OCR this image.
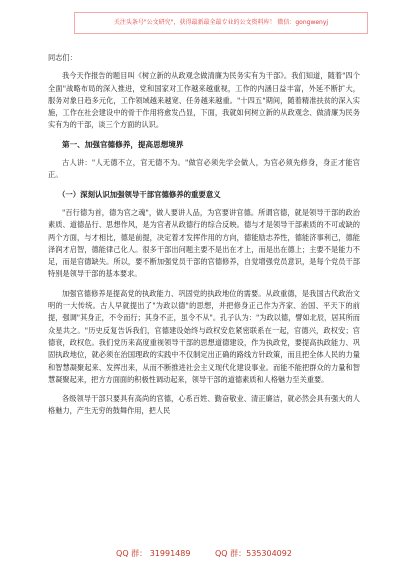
关注头条号"公文研究"，获得最新最全最专业的公文资料库！ 微信：gongwenyj

同志们：

我今天作报告的题目叫《树立新的从政观念做清廉为民务实有为干部》。我们知道，随着"四个全面"战略布局的深入推进，党和国家对工作越来越重视，工作的内涵日益丰富，外延不断扩大，服务对象日趋多元化，工作领域越来越宽、任务越来越重。"十四五"期间，随着精准扶贫的深入实施，工作在社会建设中的骨干作用将愈发凸显，下面，我就如何树立新的从政观念、做清廉为民务实有为的干部，谈三个方面的认识。

第一、加强官德修养，提高思想境界

古人讲："人无德不立，官无德不为。"做官必须先学会做人，为官必须先修身，身正才能官正。

（一）深刻认识加强领导干部官德修养的重要意义

"百行德为首，德为官之魂"，做人要讲人品，为官要讲官德。所谓官德，就是领导干部的政治素质、道德品行、思想作风，是为官者从政德行的综合反映。德与才是领导干部素质的不可或缺的两个方面，与才相比，德是前提，决定着才发挥作用的方向，德能励志养性，德能济事利己，德能泽润才启智，德能律己化人。很多干部出问题主要不是出在才上，而是出在德上；主要不是能力不足，而是官德缺失。所以，要不断加强党员干部的官德修养，自觉增强党员意识，是每个党员干部特别是领导干部的基本要求。

加强官德修养是提高党的执政能力、巩固党的执政地位的需要。从政重德，是我国古代政治文明的一大传统。古人早就提出了"为政以德"的思想，并把修身正己作为齐家、治国、平天下的前提，强调"其身正，不令而行；其身不正，虽令不从"。孔子认为："为政以德，譬如北辰，居其所而众星共之。"历史反复告诉我们，官德建设始终与政权安危紧密联系在一起，官德兴，政权安；官德衰，政权危。我们党历来高度重视领导干部的思想道德建设，作为执政党，要提高执政能力、巩固执政地位，就必须在治国理政的实践中不仅制定出正确的路线方针政策，而且把全体人民的力量和智慧凝聚起来、发挥出来，从而不断推进社会主义现代化建设事业。而能不能把群众的力量和智慧凝聚起来，把方方面面的积极性调动起来，领导干部的道德素质和人格魅力至关重要。

各级领导干部只要具有高尚的官德，心系百姓、勤奋敬业、清正廉洁，就必然会具有强大的人格魅力，产生无穷的鼓舞作用，把人民

QQ 群： 31991489	QQ 群：535304092
